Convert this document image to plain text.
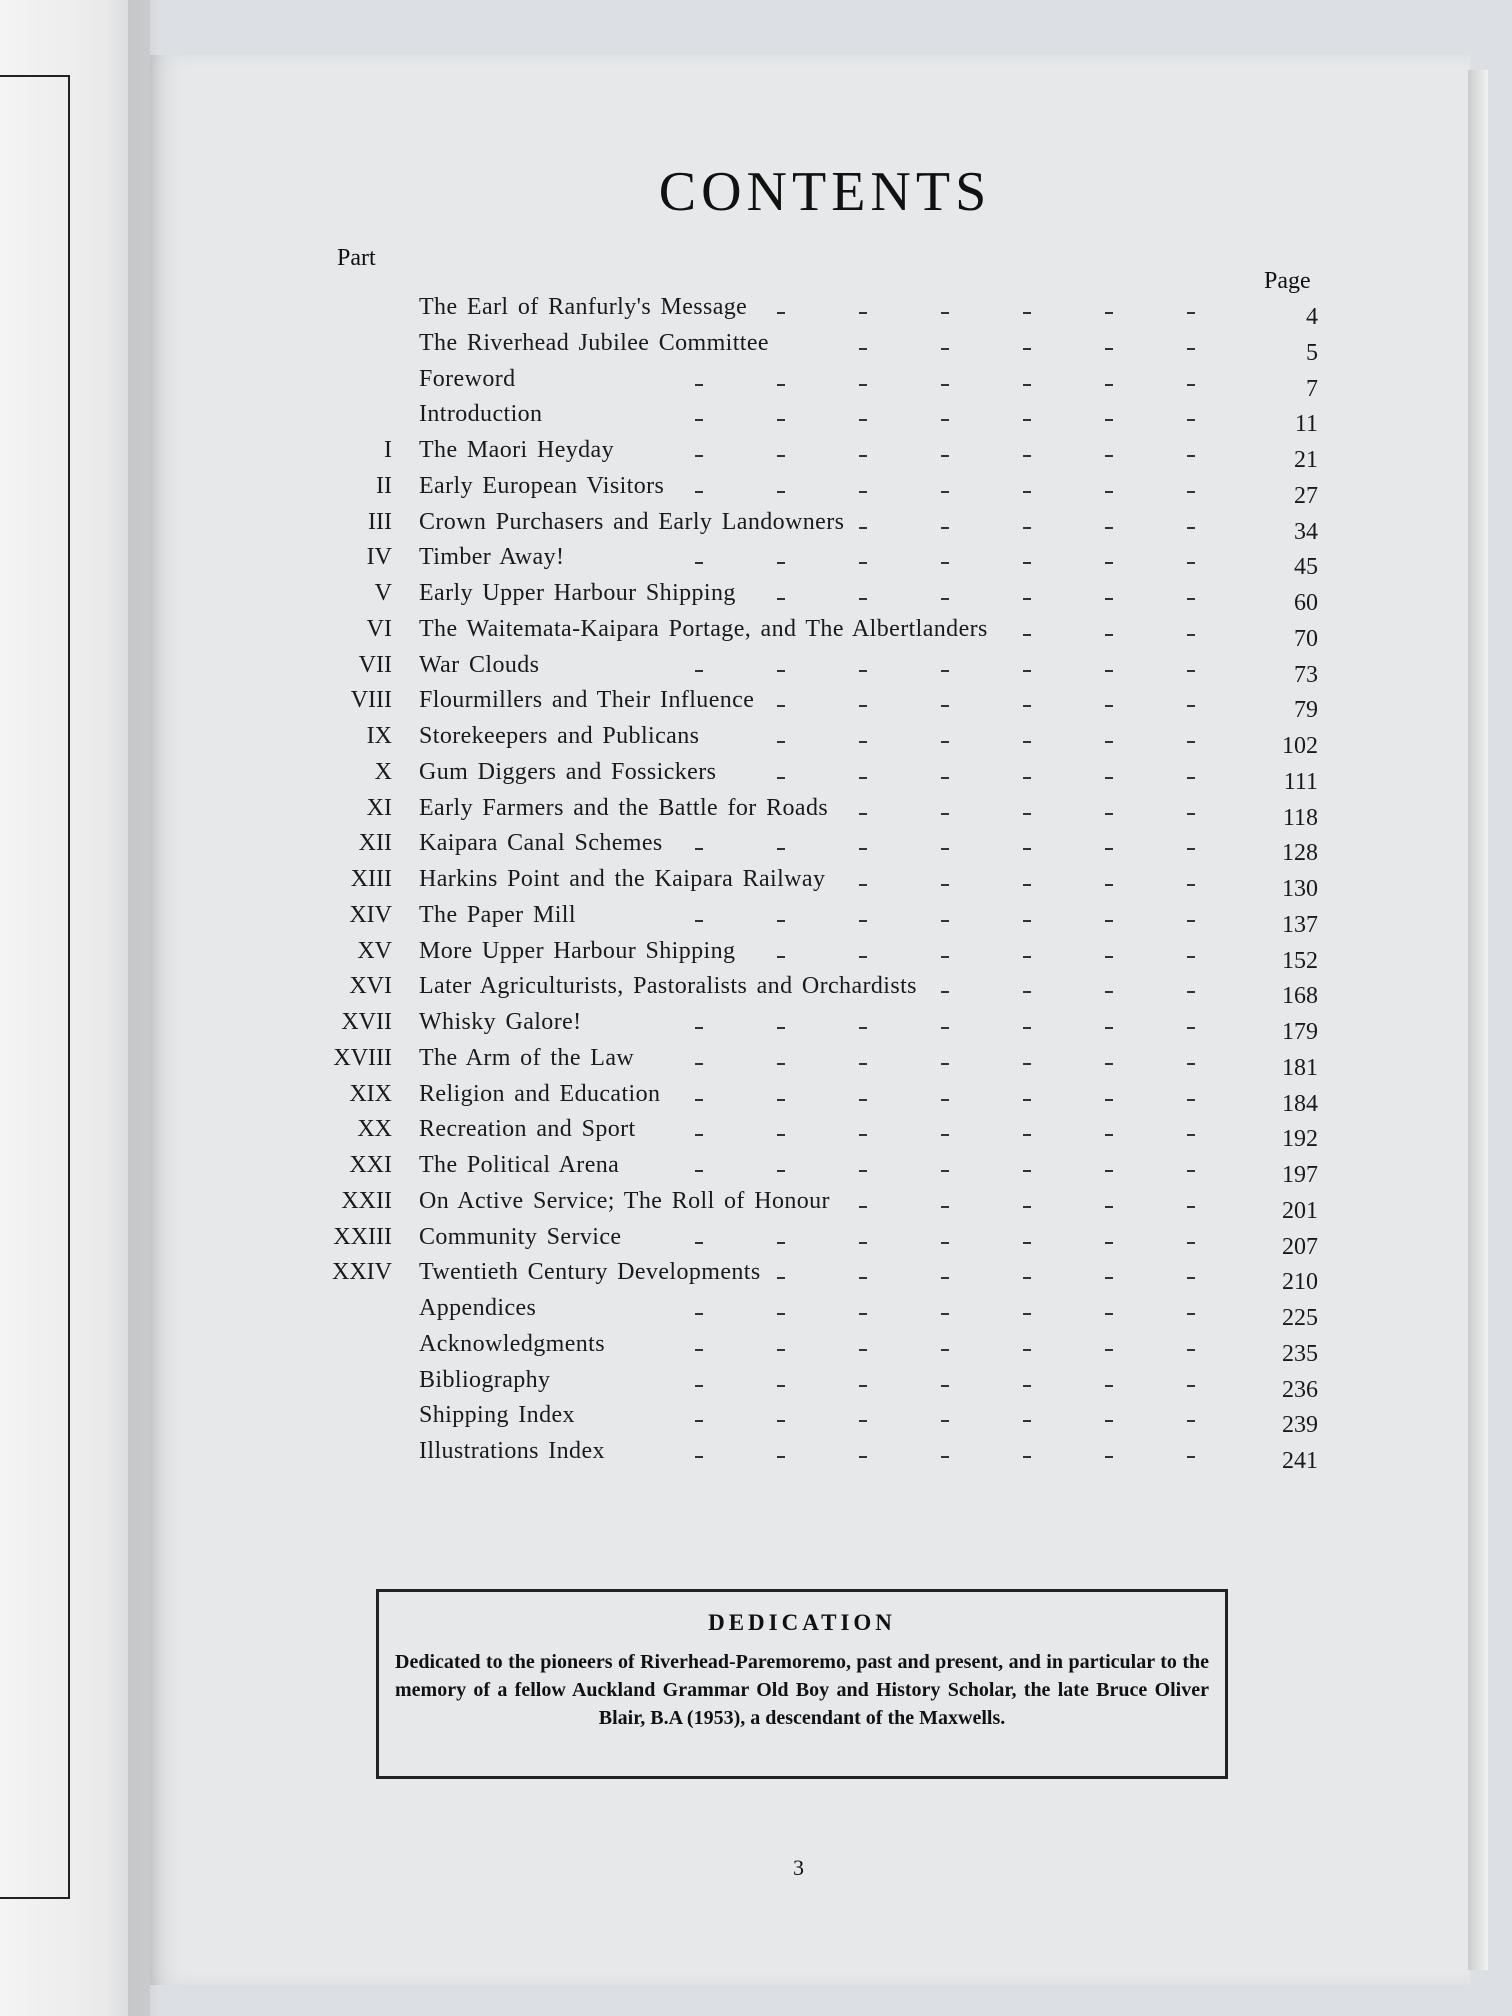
CONTENTS
Part
Page
The Earl of Ranfurly's Message	4
The Riverhead Jubilee Committee	5
Foreword	7
Introduction	11
I The Maori Heyday	21
II Early European Visitors	27
III Crown Purchasers and Early Landowners	34
IV Timber Away!	45
V Early Upper Harbour Shipping	60
VI The Waitemata-Kaipara Portage, and The Albertlanders	70
VII War Clouds	73
VIII Flourmillers and Their Influence	79
IX Storekeepers and Publicans	102
X Gum Diggers and Fossickers	111
XI Early Farmers and the Battle for Roads	118
XII Kaipara Canal Schemes	128
XIII Harkins Point and the Kaipara Railway	130
XIV The Paper Mill	137
XV More Upper Harbour Shipping	152
XVI Later Agriculturists, Pastoralists and Orchardists	168
XVII Whisky Galore!	179
XVIII The Arm of the Law	181
XIX Religion and Education	184
XX Recreation and Sport	192
XXI The Political Arena	197
XXII On Active Service; The Roll of Honour	201
XXIII Community Service	207
XXIV Twentieth Century Developments	210
Appendices	225
Acknowledgments	235
Bibliography	236
Shipping Index	239
Illustrations Index	241
DEDICATION
Dedicated to the pioneers of Riverhead-Paremoremo, past and present, and in particular to the memory of a fellow Auckland Grammar Old Boy and History Scholar, the late Bruce Oliver Blair, B.A (1953), a descendant of the Maxwells.
3
